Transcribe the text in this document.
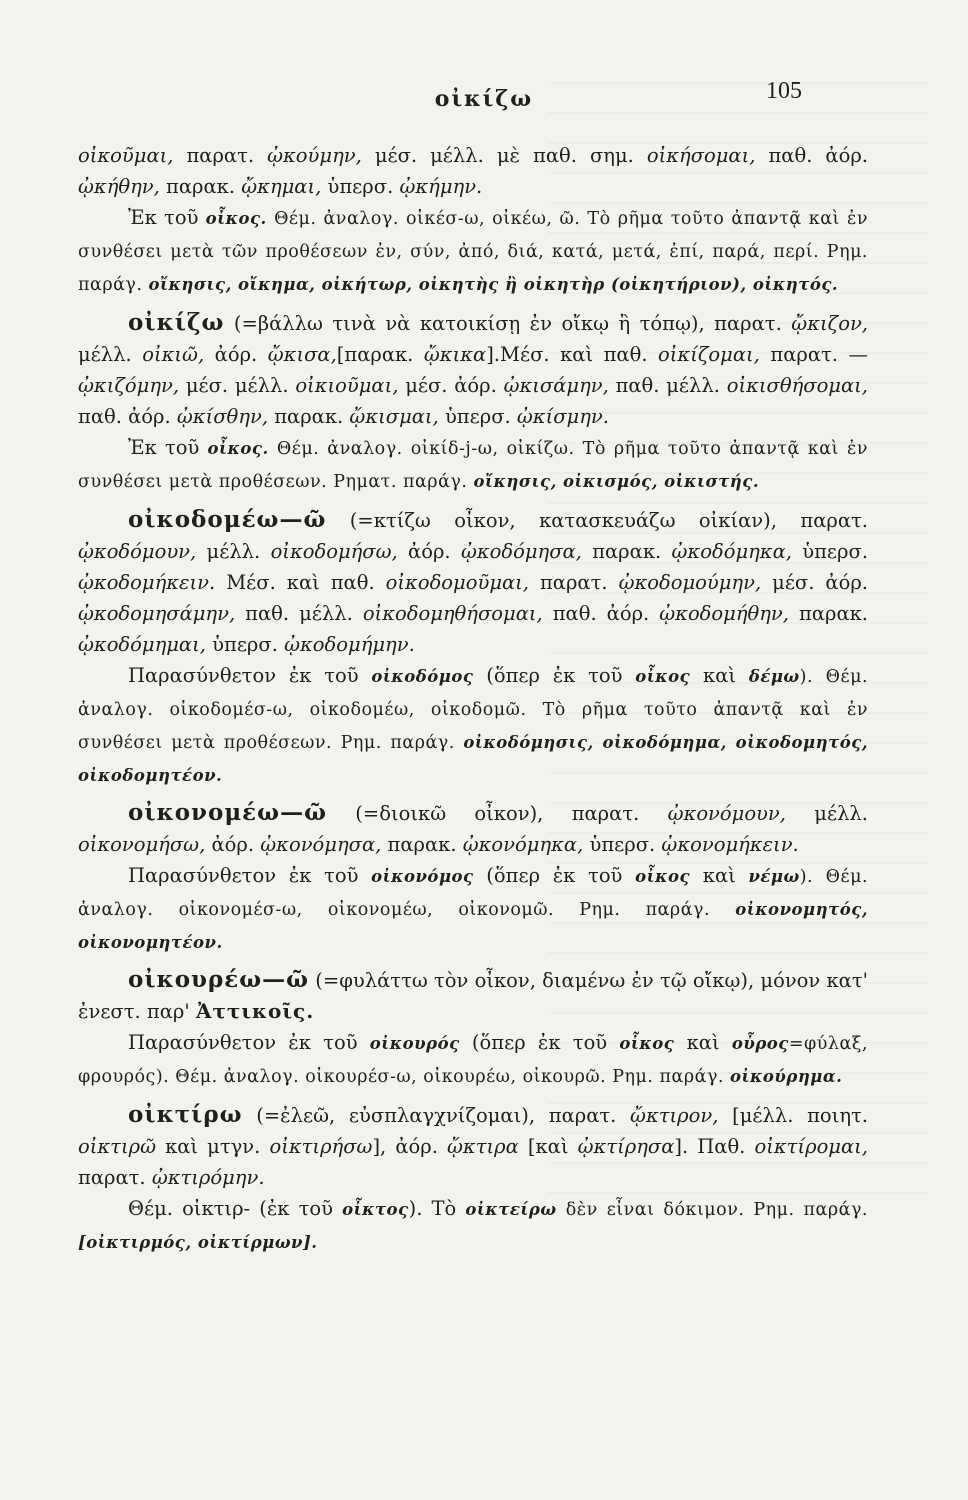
οἰκίζω	105

οἰκοῦμαι, παρατ. ᾠκούμην, μέσ. μέλλ. μὲ παθ. σημ. οἰκήσομαι, παθ. ἀόρ. ᾠκήθην, παρακ. ᾤκημαι, ὑπερσ. ᾠκήμην.

Ἐκ τοῦ οἶκος. Θέμ. ἀναλογ. οἰκέσ-ω, οἰκέω, ῶ. Τὸ ρῆμα τοῦτο ἀπαντᾷ καὶ ἐν συνθέσει μετὰ τῶν προθέσεων ἐν, σύν, ἀπό, διά, κατά, μετά, ἐπί, παρά, περί. Ρημ. παράγ. οἴκησις, οἴκημα, οἰκήτωρ, οἰκητὴς ἢ οἰκητὴρ (οἰκητήριον), οἰκητός.

οἰκίζω (=βάλλω τινὰ νὰ κατοικίσῃ ἐν οἴκῳ ἢ τόπῳ), παρατ. ᾤκιζον, μέλλ. οἰκιῶ, ἀόρ. ᾤκισα,[παρακ. ᾤκικα].Μέσ. καὶ παθ. οἰκίζομαι, παρατ. —ᾠκιζόμην, μέσ. μέλλ. οἰκιοῦμαι, μέσ. ἀόρ. ᾠκισάμην, παθ. μέλλ. οἰκισθήσομαι, παθ. ἀόρ. ᾠκίσθην, παρακ. ᾤκισμαι, ὑπερσ. ᾠκίσμην.

Ἐκ τοῦ οἶκος. Θέμ. ἀναλογ. οἰκίδ-j-ω, οἰκίζω. Τὸ ρῆμα τοῦτο ἀπαντᾷ καὶ ἐν συνθέσει μετὰ προθέσεων. Ρηματ. παράγ. οἴκησις, οἰκισμός, οἰκιστής.

οἰκοδομέω—ῶ (=κτίζω οἶκον, κατασκευάζω οἰκίαν), παρατ. ᾠκοδόμουν, μέλλ. οἰκοδομήσω, ἀόρ. ᾠκοδόμησα, παρακ. ᾠκοδόμηκα, ὑπερσ. ᾠκοδομήκειν. Μέσ. καὶ παθ. οἰκοδομοῦμαι, παρατ. ᾠκοδομούμην, μέσ. ἀόρ. ᾠκοδομησάμην, παθ. μέλλ. οἰκοδομηθήσομαι, παθ. ἀόρ. ᾠκοδομήθην, παρακ. ᾠκοδόμημαι, ὑπερσ. ᾠκοδομήμην.

Παρασύνθετον ἐκ τοῦ οἰκοδόμος (ὅπερ ἐκ τοῦ οἶκος καὶ δέμω). Θέμ. ἀναλογ. οἰκοδομέσ-ω, οἰκοδομέω, οἰκοδομῶ. Τὸ ρῆμα τοῦτο ἀπαντᾷ καὶ ἐν συνθέσει μετὰ προθέσεων. Ρημ. παράγ. οἰκοδόμησις, οἰκοδόμημα, οἰκοδομητός, οἰκοδομητέον.

οἰκονομέω—ῶ (=διοικῶ οἶκον), παρατ. ᾠκονόμουν, μέλλ. οἰκονομήσω, ἀόρ. ᾠκονόμησα, παρακ. ᾠκονόμηκα, ὑπερσ. ᾠκονομήκειν.

Παρασύνθετον ἐκ τοῦ οἰκονόμος (ὅπερ ἐκ τοῦ οἶκος καὶ νέμω). Θέμ. ἀναλογ. οἰκονομέσ-ω, οἰκονομέω, οἰκονομῶ. Ρημ. παράγ. οἰκονομητός, οἰκονομητέον.

οἰκουρέω—ῶ (=φυλάττω τὸν οἶκον, διαμένω ἐν τῷ οἴκῳ), μόνον κατ' ἐνεστ. παρ' Ἀττικοῖς.

Παρασύνθετον ἐκ τοῦ οἰκουρός (ὅπερ ἐκ τοῦ οἶκος καὶ οὖρος=φύλαξ, φρουρός). Θέμ. ἀναλογ. οἰκουρέσ-ω, οἰκουρέω, οἰκουρῶ. Ρημ. παράγ. οἰκούρημα.

οἰκτίρω (=ἐλεῶ, εὐσπλαγχνίζομαι), παρατ. ᾤκτιρον, [μέλλ. ποιητ. οἰκτιρῶ καὶ μτγν. οἰκτιρήσω], ἀόρ. ᾤκτιρα [καὶ ᾠκτίρησα]. Παθ. οἰκτίρομαι, παρατ. ᾠκτιρόμην.

Θέμ. οἰκτιρ- (ἐκ τοῦ οἶκτος). Τὸ οἰκτείρω δὲν εἶναι δόκιμον. Ρημ. παράγ. [οἰκτιρμός, οἰκτίρμων].
